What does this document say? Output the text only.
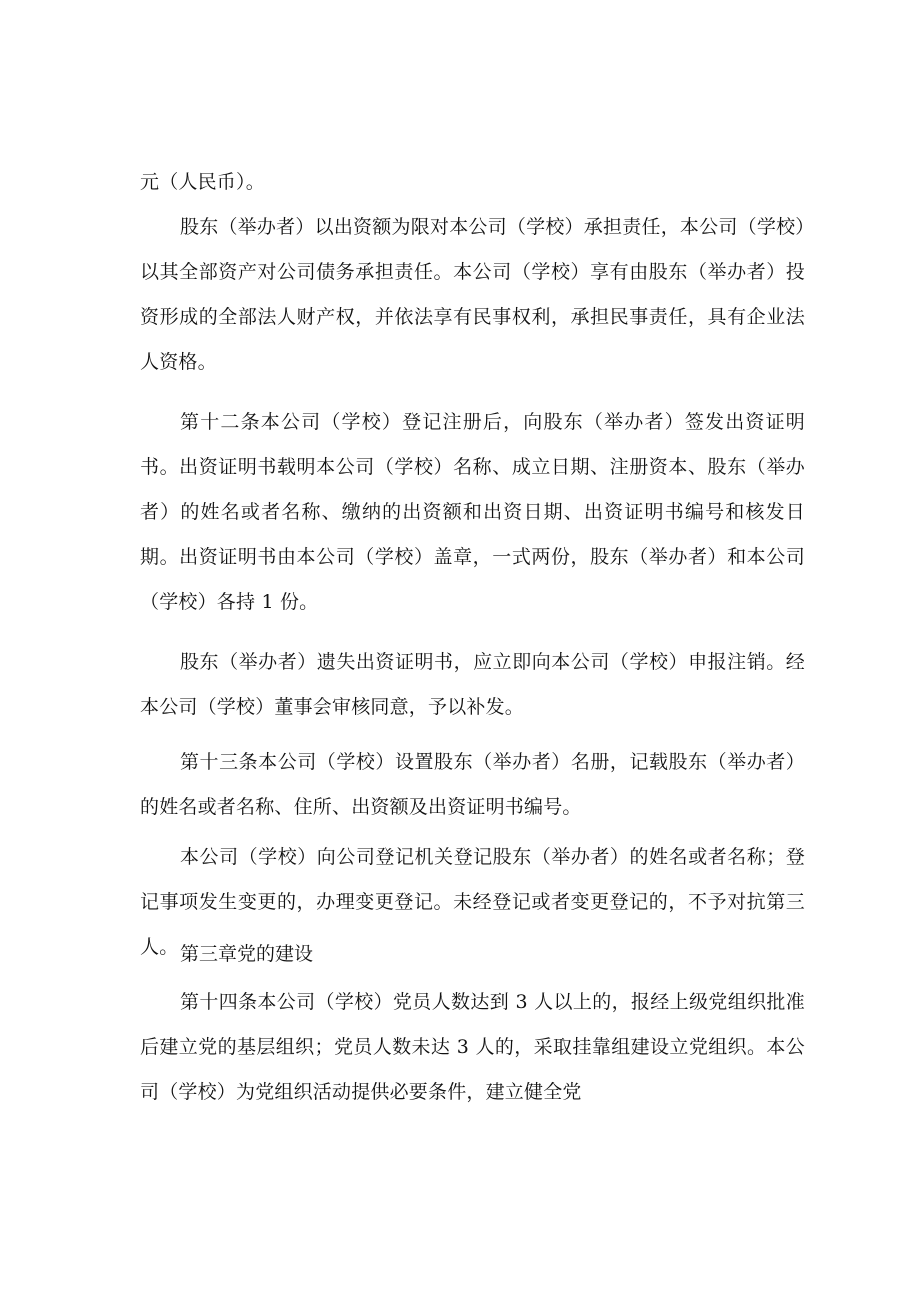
元（人民币）。

股东（举办者）以出资额为限对本公司（学校）承担责任，本公司（学校）以其全部资产对公司债务承担责任。本公司（学校）享有由股东（举办者）投资形成的全部法人财产权，并依法享有民事权利，承担民事责任，具有企业法人资格。

第十二条本公司（学校）登记注册后，向股东（举办者）签发出资证明书。出资证明书载明本公司（学校）名称、成立日期、注册资本、股东（举办者）的姓名或者名称、缴纳的出资额和出资日期、出资证明书编号和核发日期。出资证明书由本公司（学校）盖章，一式两份，股东（举办者）和本公司（学校）各持 1 份。

股东（举办者）遗失出资证明书，应立即向本公司（学校）申报注销。经本公司（学校）董事会审核同意，予以补发。

第十三条本公司（学校）设置股东（举办者）名册，记载股东（举办者）的姓名或者名称、住所、出资额及出资证明书编号。

本公司（学校）向公司登记机关登记股东（举办者）的姓名或者名称；登记事项发生变更的，办理变更登记。未经登记或者变更登记的，不予对抗第三人。 第三章党的建设

第十四条本公司（学校）党员人数达到 3 人以上的，报经上级党组织批准后建立党的基层组织；党员人数未达 3 人的，采取挂靠组建设立党组织。本公司（学校）为党组织活动提供必要条件，建立健全党
